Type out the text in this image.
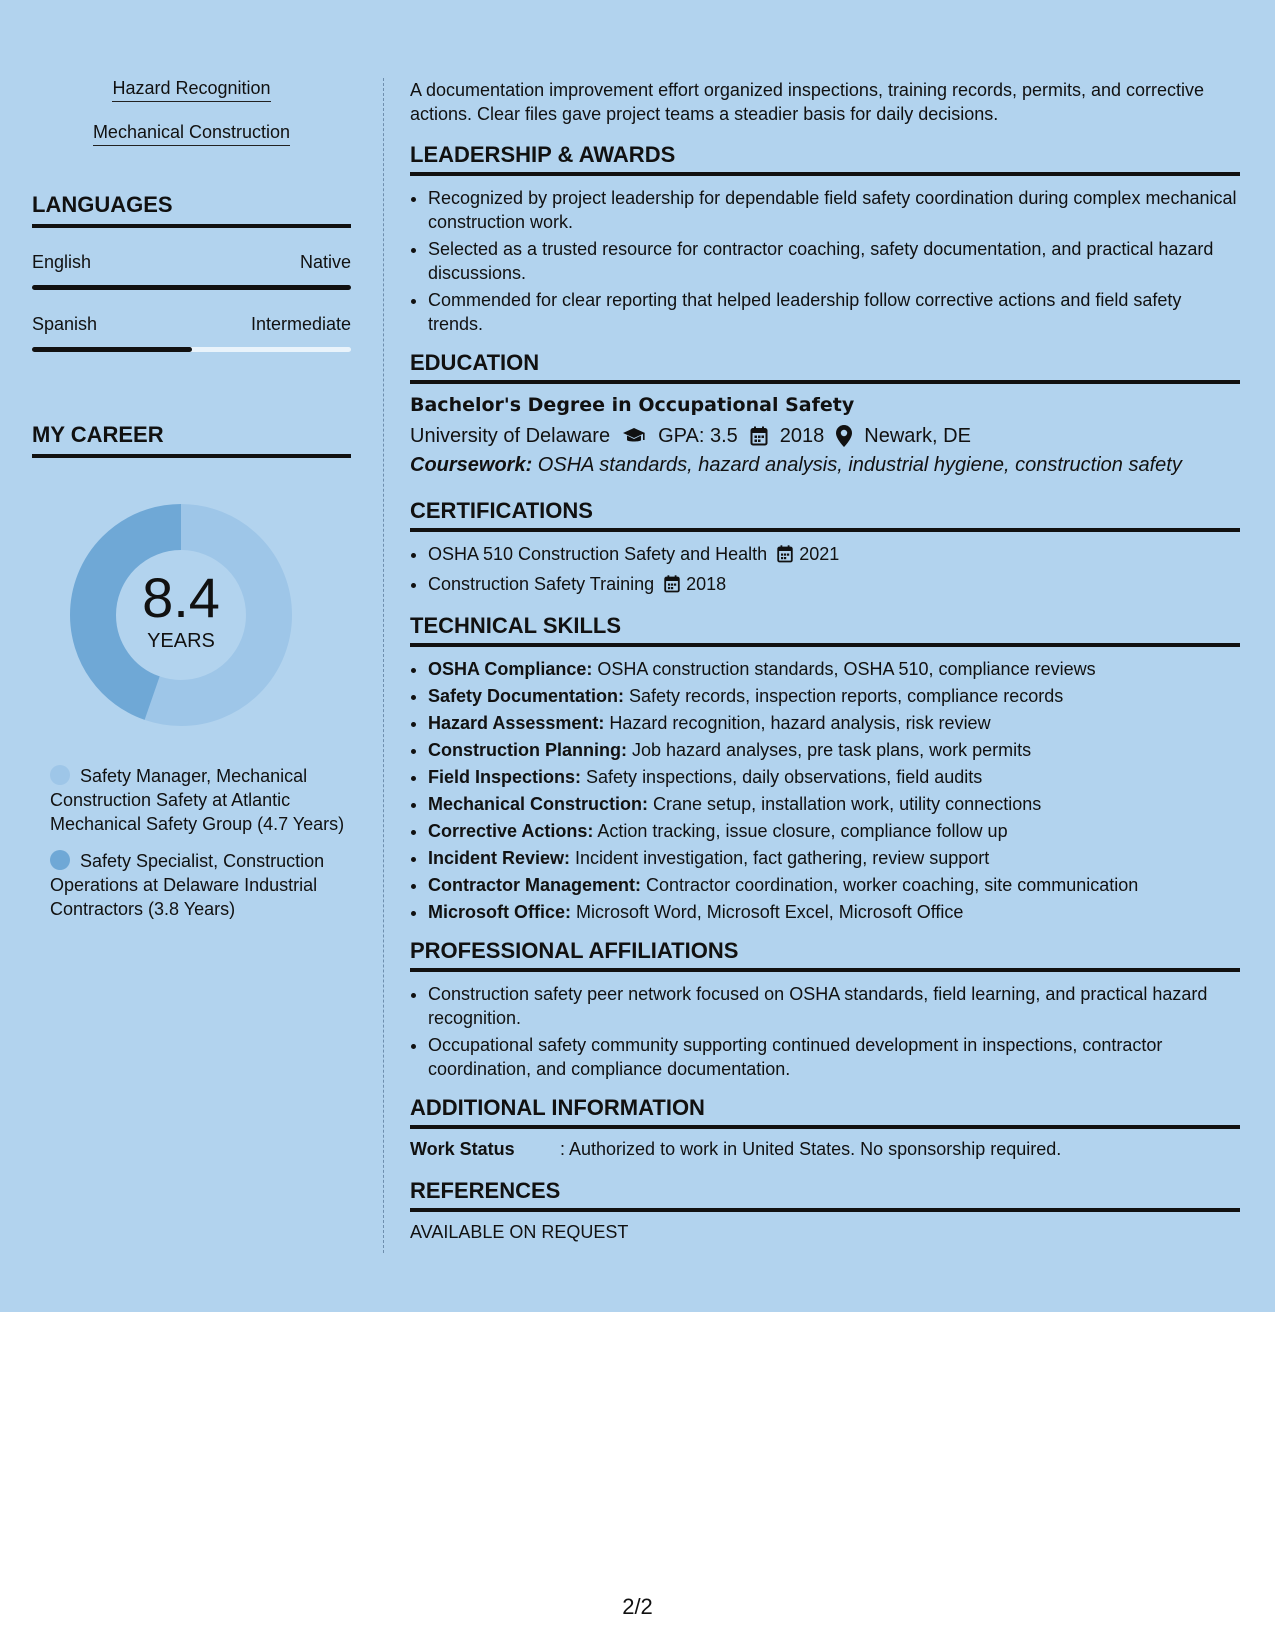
Hazard Recognition
Mechanical Construction
LANGUAGES
English	Native
Spanish	Intermediate
MY CAREER
8.4
YEARS
Safety Manager, Mechanical Construction Safety at Atlantic Mechanical Safety Group (4.7 Years)
Safety Specialist, Construction Operations at Delaware Industrial Contractors (3.8 Years)

A documentation improvement effort organized inspections, training records, permits, and corrective actions. Clear files gave project teams a steadier basis for daily decisions.

LEADERSHIP & AWARDS
• Recognized by project leadership for dependable field safety coordination during complex mechanical construction work.
• Selected as a trusted resource for contractor coaching, safety documentation, and practical hazard discussions.
• Commended for clear reporting that helped leadership follow corrective actions and field safety trends.
EDUCATION
Bachelor's Degree in Occupational Safety
University of Delaware GPA: 3.5 2018 Newark, DE
Coursework: OSHA standards, hazard analysis, industrial hygiene, construction safety
CERTIFICATIONS
• OSHA 510 Construction Safety and Health 2021
• Construction Safety Training 2018
TECHNICAL SKILLS
• OSHA Compliance: OSHA construction standards, OSHA 510, compliance reviews
• Safety Documentation: Safety records, inspection reports, compliance records
• Hazard Assessment: Hazard recognition, hazard analysis, risk review
• Construction Planning: Job hazard analyses, pre task plans, work permits
• Field Inspections: Safety inspections, daily observations, field audits
• Mechanical Construction: Crane setup, installation work, utility connections
• Corrective Actions: Action tracking, issue closure, compliance follow up
• Incident Review: Incident investigation, fact gathering, review support
• Contractor Management: Contractor coordination, worker coaching, site communication
• Microsoft Office: Microsoft Word, Microsoft Excel, Microsoft Office
PROFESSIONAL AFFILIATIONS
• Construction safety peer network focused on OSHA standards, field learning, and practical hazard recognition.
• Occupational safety community supporting continued development in inspections, contractor coordination, and compliance documentation.
ADDITIONAL INFORMATION
Work Status	: Authorized to work in United States. No sponsorship required.
REFERENCES
AVAILABLE ON REQUEST
2/2
